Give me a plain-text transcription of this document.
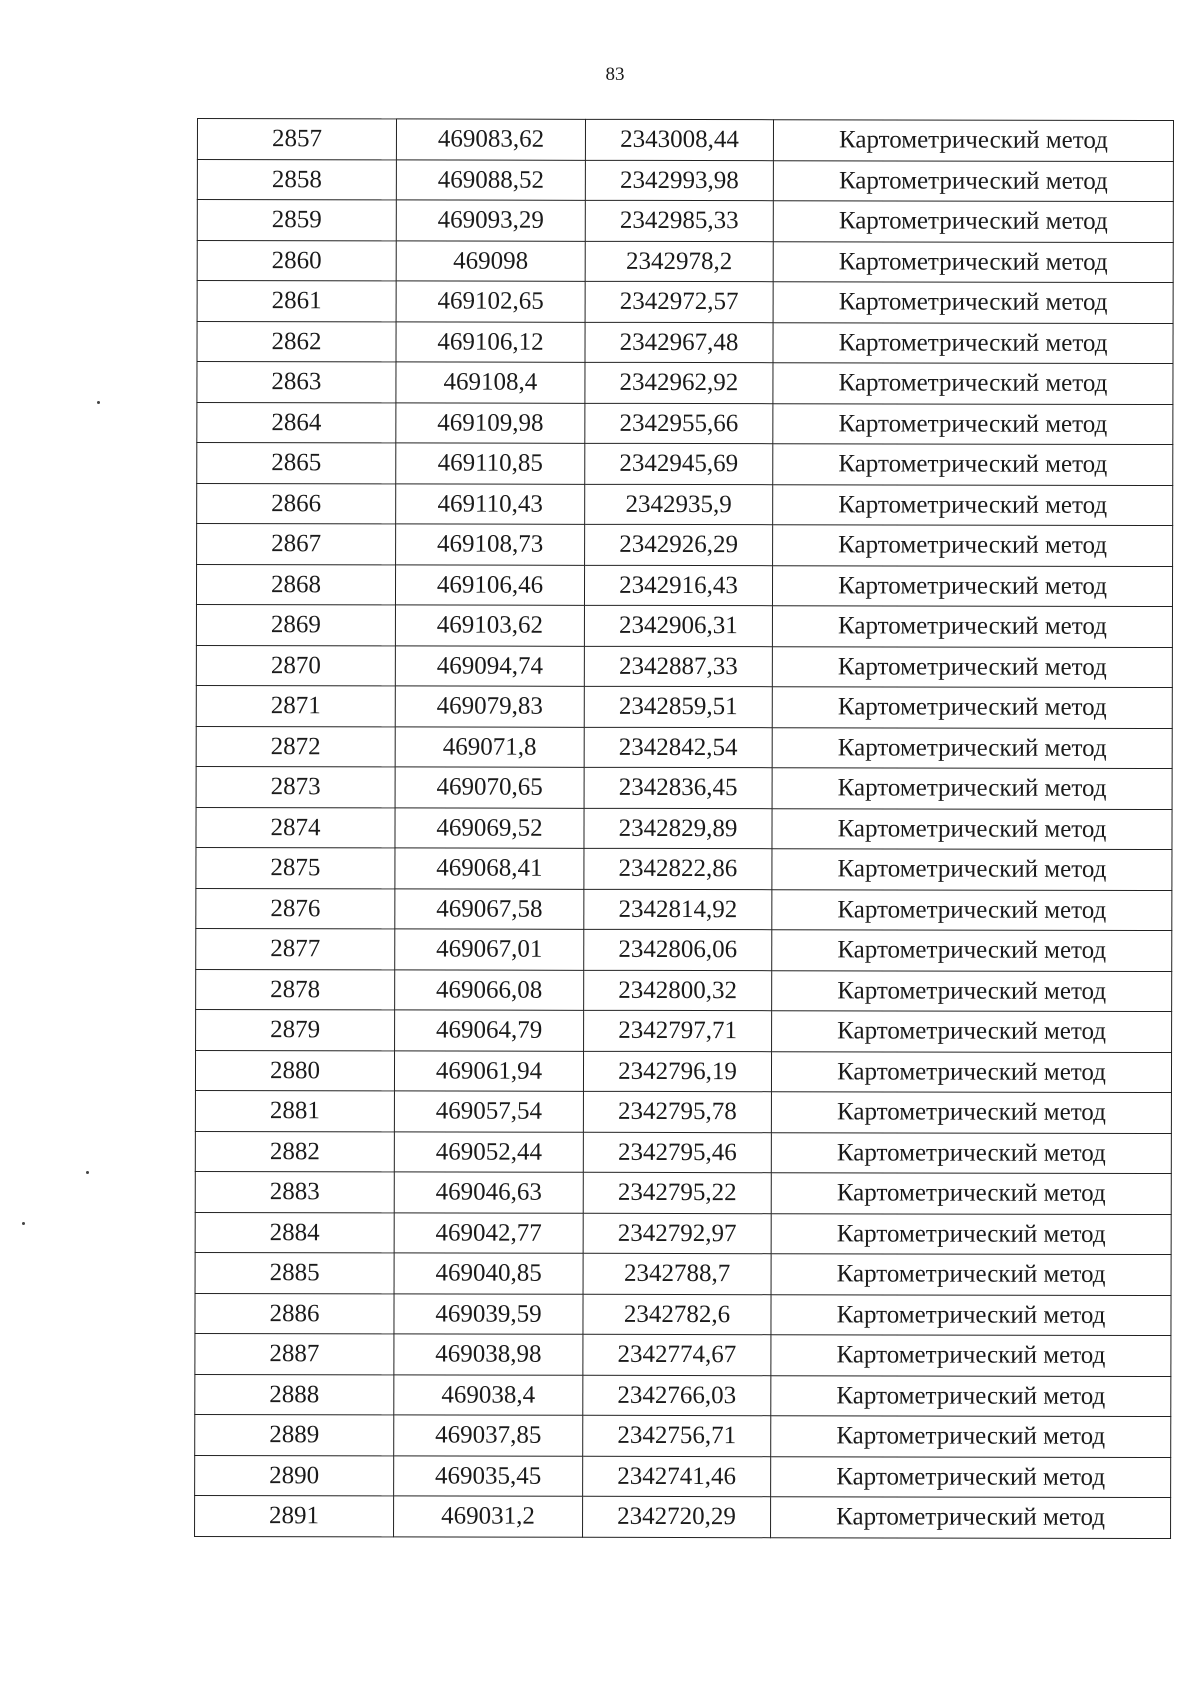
83
2857	469083,62	2343008,44	Картометрический метод
2858	469088,52	2342993,98	Картометрический метод
2859	469093,29	2342985,33	Картометрический метод
2860	469098	2342978,2	Картометрический метод
2861	469102,65	2342972,57	Картометрический метод
2862	469106,12	2342967,48	Картометрический метод
2863	469108,4	2342962,92	Картометрический метод
2864	469109,98	2342955,66	Картометрический метод
2865	469110,85	2342945,69	Картометрический метод
2866	469110,43	2342935,9	Картометрический метод
2867	469108,73	2342926,29	Картометрический метод
2868	469106,46	2342916,43	Картометрический метод
2869	469103,62	2342906,31	Картометрический метод
2870	469094,74	2342887,33	Картометрический метод
2871	469079,83	2342859,51	Картометрический метод
2872	469071,8	2342842,54	Картометрический метод
2873	469070,65	2342836,45	Картометрический метод
2874	469069,52	2342829,89	Картометрический метод
2875	469068,41	2342822,86	Картометрический метод
2876	469067,58	2342814,92	Картометрический метод
2877	469067,01	2342806,06	Картометрический метод
2878	469066,08	2342800,32	Картометрический метод
2879	469064,79	2342797,71	Картометрический метод
2880	469061,94	2342796,19	Картометрический метод
2881	469057,54	2342795,78	Картометрический метод
2882	469052,44	2342795,46	Картометрический метод
2883	469046,63	2342795,22	Картометрический метод
2884	469042,77	2342792,97	Картометрический метод
2885	469040,85	2342788,7	Картометрический метод
2886	469039,59	2342782,6	Картометрический метод
2887	469038,98	2342774,67	Картометрический метод
2888	469038,4	2342766,03	Картометрический метод
2889	469037,85	2342756,71	Картометрический метод
2890	469035,45	2342741,46	Картометрический метод
2891	469031,2	2342720,29	Картометрический метод
